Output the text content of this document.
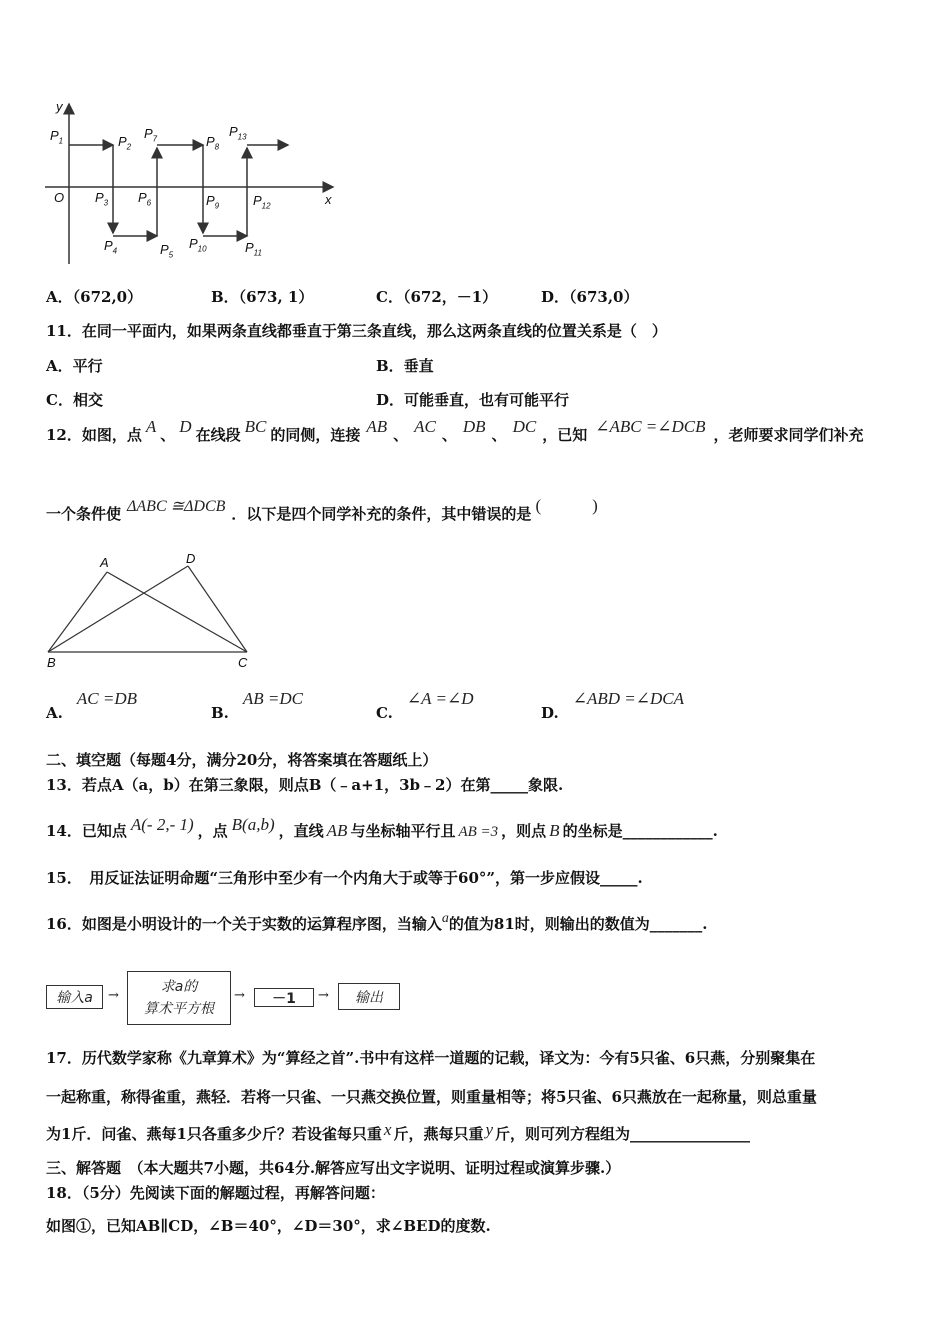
x
y
O
$P_1$	$P_2$
$P_3$
$P_4$	$P_5$
$P_6$
$P_7$	$P_8$
$P_9$
$P_{10}$	$P_{11}$
$P_{12}$
$P_{13}$
A．（672,0）	B．（673, 1）	C．（672，－1）	D．（673,0）
11．在同一平面内，如果两条直线都垂直于第三条直线，那么这两条直线的位置关系是（　）
A．平行	B．垂直
C．相交	D．可能垂直，也有可能平行
12．如图，点 A 、 D 在线段 BC 的同侧，连接 AB 、 AC 、 DB 、 DC ，已知 ∠ABC =∠DCB ，老师要求同学们补充
一个条件使 ΔABC ≅ΔDCB ．以下是四个同学补充的条件，其中错误的是 (　　　)
A	D
B	C
A.AC =DB
B.AB =DC
C.∠A =∠D
D.∠ABD =∠DCA
二、填空题（每题4分，满分20分，将答案填在答题纸上）
13．若点A（a，b）在第三象限，则点B（﹣a+1，3b﹣2）在第_____象限.
14．已知点 A(- 2,- 1) ，点 B(a,b) ，直线 AB 与坐标轴平行且 AB =3 ，则点 B 的坐标是____________.
15．　用反证法证明命题“三角形中至少有一个内角大于或等于60°”，第一步应假设_____.
16．如图是小明设计的一个关于实数的运算程序图，当输入a的值为81时，则输出的数值为_______.
输入a	→
求a的
算术平方根
→	－1	→	输出
17．历代数学家称《九章算术》为“算经之首”.书中有这样一道题的记载，译文为：今有5只雀、6只燕，分别聚集在
一起称重，称得雀重，燕轻．若将一只雀、一只燕交换位置，则重量相等；将5只雀、6只燕放在一起称量，则总重量
为1斤．问雀、燕每1只各重多少斤？若设雀每只重 x 斤，燕每只重 y 斤，则可列方程组为________________
三、解答题　（本大题共7小题，共64分.解答应写出文字说明、证明过程或演算步骤.）
18．（5分）先阅读下面的解题过程，再解答问题：
如图①，已知AB∥CD，∠B＝40°，∠D＝30°，求∠BED的度数.
